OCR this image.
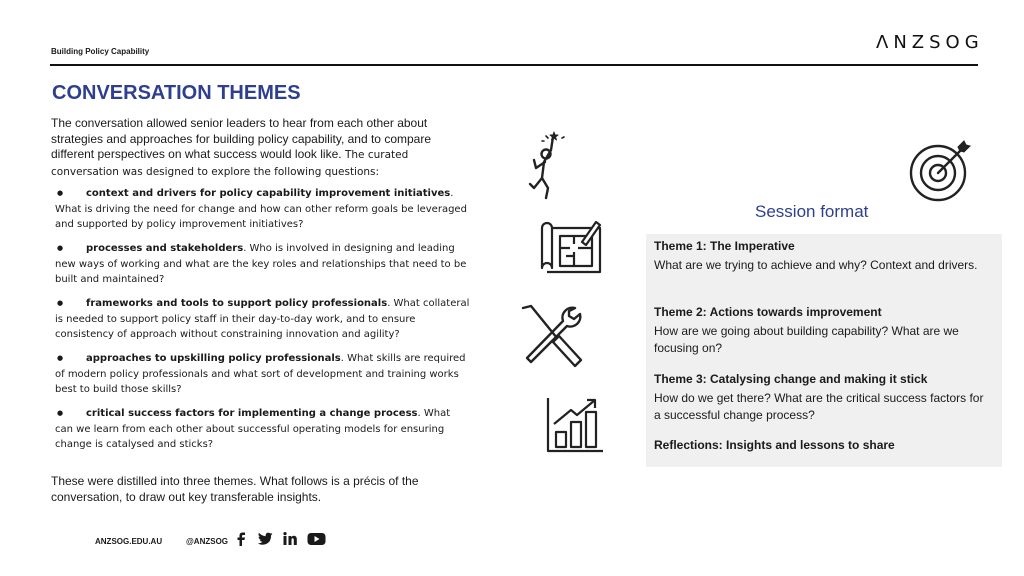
Building Policy Capability	ΛNZSOG
CONVERSATION THEMES
The conversation allowed senior leaders to hear from each other about strategies and approaches for building policy capability, and to compare different perspectives on what success would look like. The curated conversation was designed to explore the following questions:
●context and drivers for policy capability improvement initiatives. What is driving the need for change and how can other reform goals be leveraged and supported by policy improvement initiatives?
●processes and stakeholders. Who is involved in designing and leading new ways of working and what are the key roles and relationships that need to be built and maintained?
●frameworks and tools to support policy professionals. What collateral is needed to support policy staff in their day-to-day work, and to ensure consistency of approach without constraining innovation and agility?
●approaches to upskilling policy professionals. What skills are required of modern policy professionals and what sort of development and training works best to build those skills?
●critical success factors for implementing a change process. What can we learn from each other about successful operating models for ensuring change is catalysed and sticks?
These were distilled into three themes. What follows is a précis of the conversation, to draw out key transferable insights.
Session format
Theme 1: The Imperative
What are we trying to achieve and why? Context and drivers.
Theme 2: Actions towards improvement
How are we going about building capability? What are we focusing on?
Theme 3: Catalysing change and making it stick
How do we get there? What are the critical success factors for a successful change process?
Reflections: Insights and lessons to share
ANZSOG.EDU.AU	@ANZSOG
